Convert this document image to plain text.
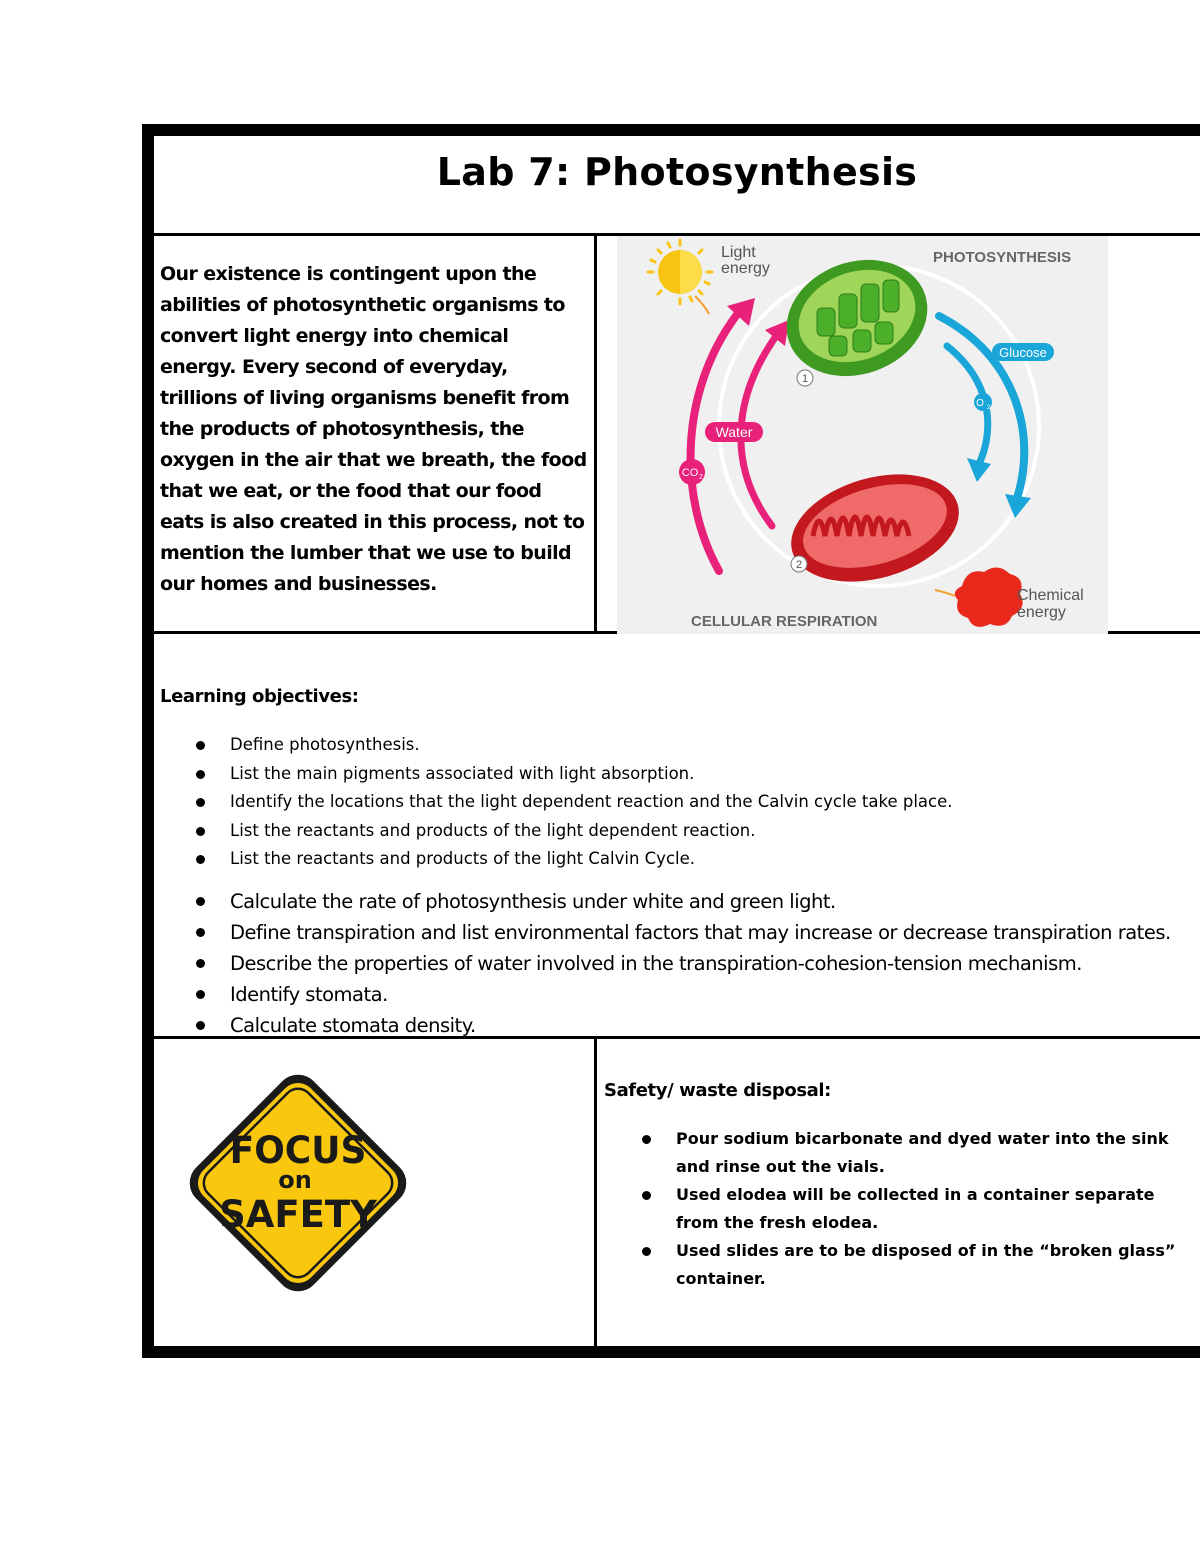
Lab 7: Photosynthesis
Our existence is contingent upon the abilities of photosynthetic organisms to convert light energy into chemical energy. Every second of everyday, trillions of living organisms benefit from the products of photosynthesis, the oxygen in the air that we breath, the food that we eat, or the food that our food eats is also created in this process, not to mention the lumber that we use to build our homes and businesses.
Light
energy
PHOTOSYNTHESIS
Glucose
O 2
Water
CO 2
1
2
Chemical
energy
CELLULAR RESPIRATION
Learning objectives:
Define photosynthesis.
List the main pigments associated with light absorption.
Identify the locations that the light dependent reaction and the Calvin cycle take place.
List the reactants and products of the light dependent reaction.
List the reactants and products of the light Calvin Cycle.
Calculate the rate of photosynthesis under white and green light.
Define transpiration and list environmental factors that may increase or decrease transpiration rates.
Describe the properties of water involved in the transpiration-cohesion-tension mechanism.
Identify stomata.
Calculate stomata density.
FOCUS
on
SAFETY
Safety/ waste disposal:
Pour sodium bicarbonate and dyed water into the sink and rinse out the vials.
Used elodea will be collected in a container separate from the fresh elodea.
Used slides are to be disposed of in the “broken glass” container.
